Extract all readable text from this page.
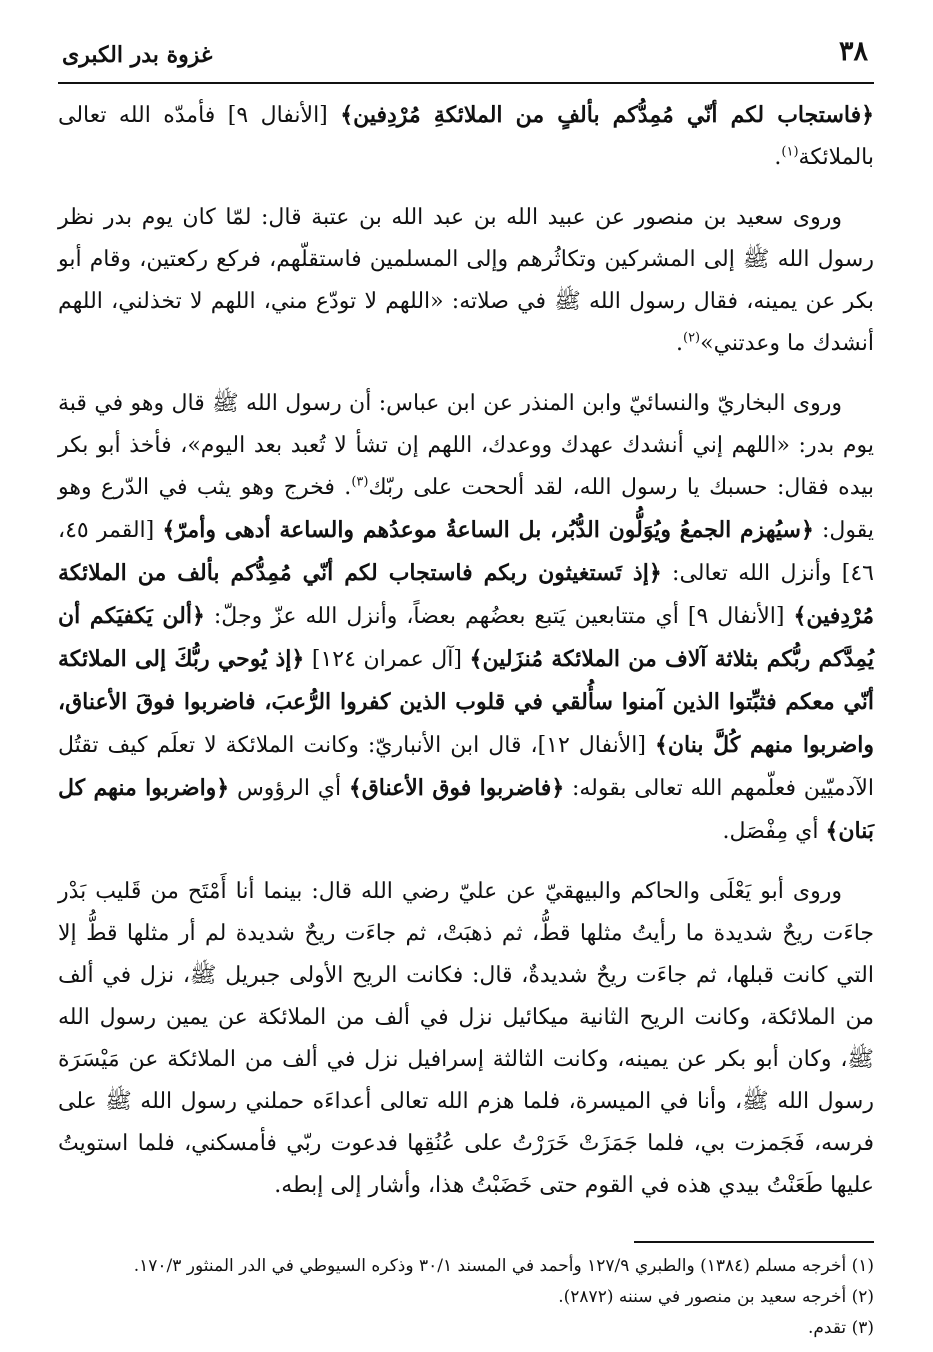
٣٨
غزوة بدر الكبرى

﴿فاستجاب لكم أنّي مُمِدُّكم بألفٍ من الملائكةِ مُرْدِفين﴾ [الأنفال ٩] فأمدّه الله تعالى بالملائكة$^{(١)}$.

وروى سعيد بن منصور عن عبيد الله بن عبد الله بن عتبة قال: لمّا كان يوم بدر نظر رسول الله ﷺ إلى المشركين وتكاثُرهم وإلى المسلمين فاستقلّهم، فركع ركعتين، وقام أبو بكر عن يمينه، فقال رسول الله ﷺ في صلاته: «اللهم لا تودّع مني، اللهم لا تخذلني، اللهم أنشدك ما وعدتني»$^{(٢)}$.

وروى البخاريّ والنسائيّ وابن المنذر عن ابن عباس: أن رسول الله ﷺ قال وهو في قبة يوم بدر: «اللهم إني أنشدك عهدك ووعدك، اللهم إن تشأ لا تُعبد بعد اليوم»، فأخذ أبو بكر بيده فقال: حسبك يا رسول الله، لقد ألححت على ربّك$^{(٣)}$. فخرج وهو يثب في الدّرع وهو يقول: ﴿سيُهزم الجمعُ ويُوَلُّون الدُّبُر، بل الساعةُ موعدُهم والساعة أدهى وأمرّ﴾ [القمر ٤٥، ٤٦] وأنزل الله تعالى: ﴿إذ تَستغيثون ربكم فاستجاب لكم أنّي مُمِدُّكم بألف من الملائكة مُرْدِفين﴾ [الأنفال ٩] أي متتابعين يَتبع بعضُهم بعضاً، وأنزل الله عزّ وجلّ: ﴿ألن يَكفيَكم أن يُمِدَّكم ربُّكم بثلاثة آلاف من الملائكة مُنزَلين﴾ [آل عمران ١٢٤] ﴿إذ يُوحي ربُّكَ إلى الملائكة أنّي معكم فثبِّتوا الذين آمنوا سأُلقي في قلوب الذين كفروا الرُّعبَ، فاضربوا فوقَ الأعناق، واضربوا منهم كُلَّ بنان﴾ [الأنفال ١٢]، قال ابن الأنباريّ: وكانت الملائكة لا تعلَم كيف تقتُل الآدميّين فعلّمهم الله تعالى بقوله: ﴿فاضربوا فوق الأعناق﴾ أي الرؤوس ﴿واضربوا منهم كل بَنان﴾ أي مِفْصَل.

وروى أبو يَعْلَى والحاكم والبيهقيّ عن عليّ رضي الله قال: بينما أنا أَمْتَح من قَليب بَدْر جاءَت ريحٌ شديدة ما رأيتُ مثلها قطُّ، ثم ذهبَتْ، ثم جاءَت ريحٌ شديدة لم أر مثلها قطُّ إلا التي كانت قبلها، ثم جاءَت ريحٌ شديدةٌ، قال: فكانت الريح الأولى جبريل ﷺ، نزل في ألف من الملائكة، وكانت الريح الثانية ميكائيل نزل في ألف من الملائكة عن يمين رسول الله ﷺ، وكان أبو بكر عن يمينه، وكانت الثالثة إسرافيل نزل في ألف من الملائكة عن مَيْسَرَة رسول الله ﷺ، وأنا في الميسرة، فلما هزم الله تعالى أعداءَه حملني رسول الله ﷺ على فرسه، فَجَمزت بي، فلما جَمَزَتْ خَرَرْتُ على عُنُقِها فدعوت ربّي فأمسكني، فلما استويتُ عليها طَعَنْتُ بيدي هذه في القوم حتى خَضَبْتُ هذا، وأشار إلى إبطه.

(١) أخرجه مسلم (١٣٨٤) والطبري ١٢٧/٩ وأحمد في المسند ٣٠/١ وذكره السيوطي في الدر المنثور ١٧٠/٣.

(٢) أخرجه سعيد بن منصور في سننه (٢٨٧٢).

(٣) تقدم.
